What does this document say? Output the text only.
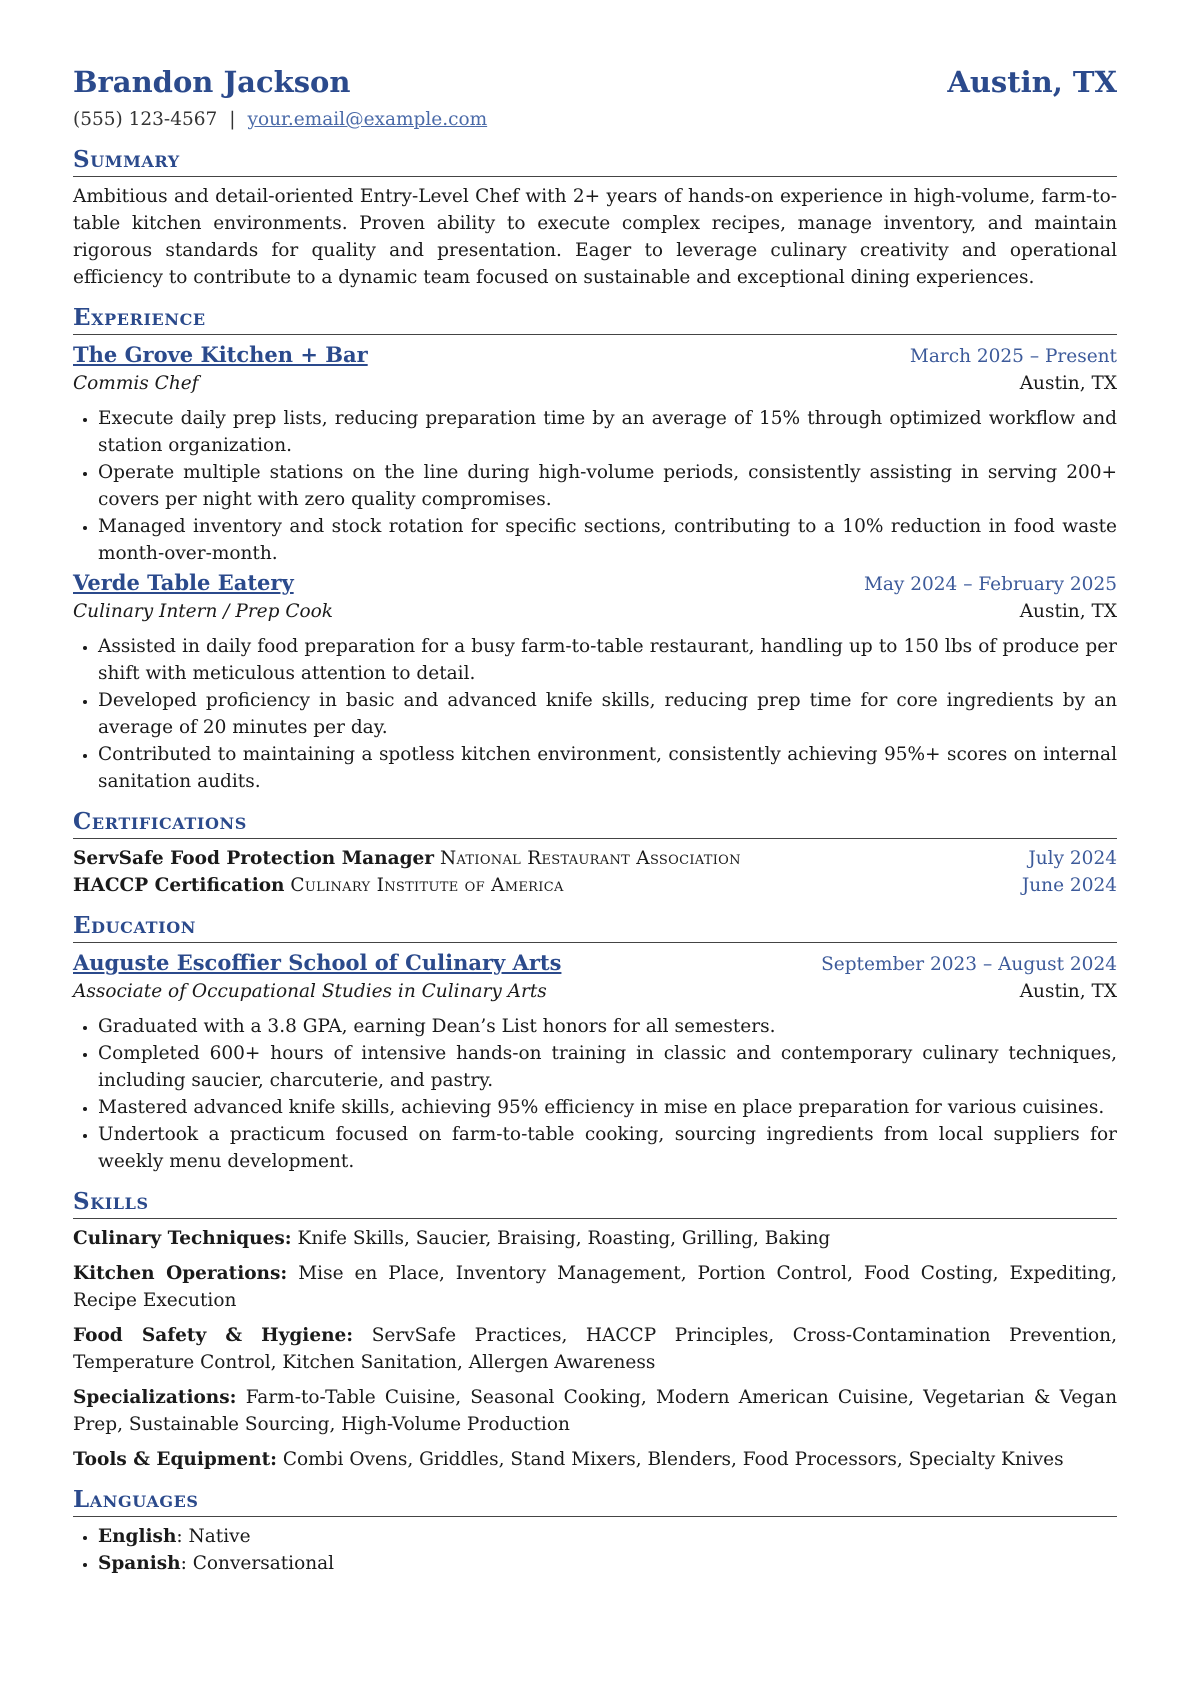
Brandon Jackson	Austin, TX
(555) 123-4567 | your.email@example.com
Summary

Ambitious and detail-oriented Entry-Level Chef with 2+ years of hands-on experience in high-volume, farm-to-table kitchen environments. Proven ability to execute complex recipes, manage inventory, and maintain rigorous standards for quality and presentation. Eager to leverage culinary creativity and operational efficiency to contribute to a dynamic team focused on sustainable and exceptional dining experiences.

Experience
The Grove Kitchen + Bar	March 2025 – Present
Commis Chef	Austin, TX
• Execute daily prep lists, reducing preparation time by an average of 15% through optimized workflow and station organization.
• Operate multiple stations on the line during high-volume periods, consistently assisting in serving 200+ covers per night with zero quality compromises.
• Managed inventory and stock rotation for specific sections, contributing to a 10% reduction in food waste month-over-month.
Verde Table Eatery	May 2024 – February 2025
Culinary Intern / Prep Cook	Austin, TX
• Assisted in daily food preparation for a busy farm-to-table restaurant, handling up to 150 lbs of produce per shift with meticulous attention to detail.
• Developed proficiency in basic and advanced knife skills, reducing prep time for core ingredients by an average of 20 minutes per day.
• Contributed to maintaining a spotless kitchen environment, consistently achieving 95%+ scores on internal sanitation audits.
Certifications
ServSafe Food Protection Manager National Restaurant Association	July 2024
HACCP Certification Culinary Institute of America	June 2024
Education
Auguste Escoffier School of Culinary Arts	September 2023 – August 2024
Associate of Occupational Studies in Culinary Arts	Austin, TX
• Graduated with a 3.8 GPA, earning Dean’s List honors for all semesters.
• Completed 600+ hours of intensive hands-on training in classic and contemporary culinary techniques, including saucier, charcuterie, and pastry.
• Mastered advanced knife skills, achieving 95% efficiency in mise en place preparation for various cuisines.
• Undertook a practicum focused on farm-to-table cooking, sourcing ingredients from local suppliers for weekly menu development.
Skills

Culinary Techniques: Knife Skills, Saucier, Braising, Roasting, Grilling, Baking

Kitchen Operations: Mise en Place, Inventory Management, Portion Control, Food Costing, Expediting, Recipe Execution

Food Safety & Hygiene: ServSafe Practices, HACCP Principles, Cross-Contamination Prevention, Temperature Control, Kitchen Sanitation, Allergen Awareness

Specializations: Farm-to-Table Cuisine, Seasonal Cooking, Modern American Cuisine, Vegetarian & Vegan Prep, Sustainable Sourcing, High-Volume Production

Tools & Equipment: Combi Ovens, Griddles, Stand Mixers, Blenders, Food Processors, Specialty Knives

Languages
• English: Native
• Spanish: Conversational
